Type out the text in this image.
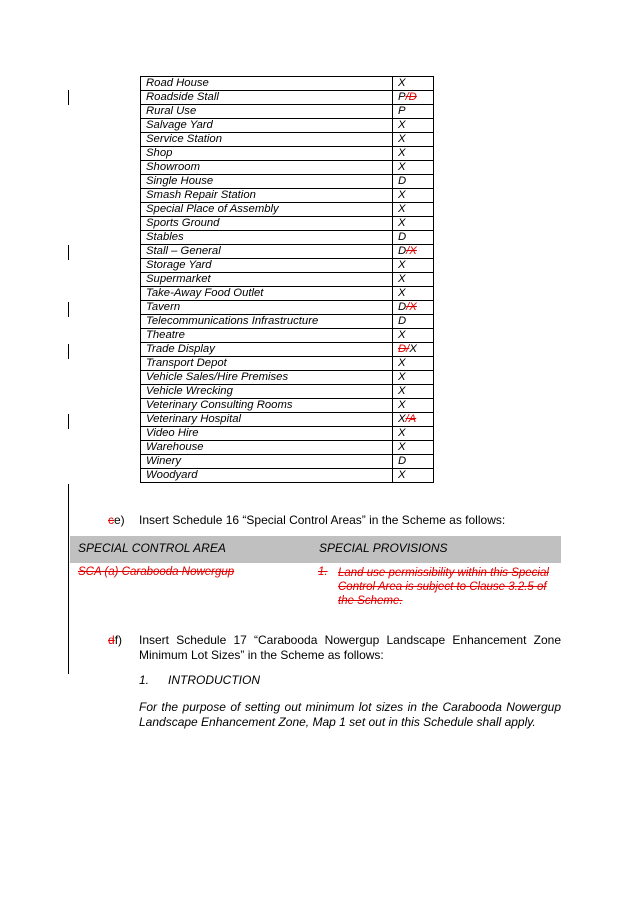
Road House	X
Roadside Stall	P/D
Rural Use	P
Salvage Yard	X
Service Station	X
Shop	X
Showroom	X
Single House	D
Smash Repair Station	X
Special Place of Assembly	X
Sports Ground	X
Stables	D
Stall – General	D/X
Storage Yard	X
Supermarket	X
Take-Away Food Outlet	X
Tavern	D/X
Telecommunications Infrastructure	D
Theatre	X
Trade Display	D/X
Transport Depot	X
Vehicle Sales/Hire Premises	X
Vehicle Wrecking	X
Veterinary Consulting Rooms	X
Veterinary Hospital	X/A
Video Hire	X
Warehouse	X
Winery	D
Woodyard	X
ce) Insert Schedule 16 “Special Control Areas” in the Scheme as follows:
SPECIAL CONTROL AREA	SPECIAL PROVISIONS
SCA (a) Carabooda Nowergup	1. Land use permissibility within this Special Control Area is subject to Clause 3.2.5 of the Scheme.
df) Insert Schedule 17 “Carabooda Nowergup Landscape Enhancement Zone Minimum Lot Sizes” in the Scheme as follows:
1. INTRODUCTION
For the purpose of setting out minimum lot sizes in the Carabooda Nowergup Landscape Enhancement Zone, Map 1 set out in this Schedule shall apply.
